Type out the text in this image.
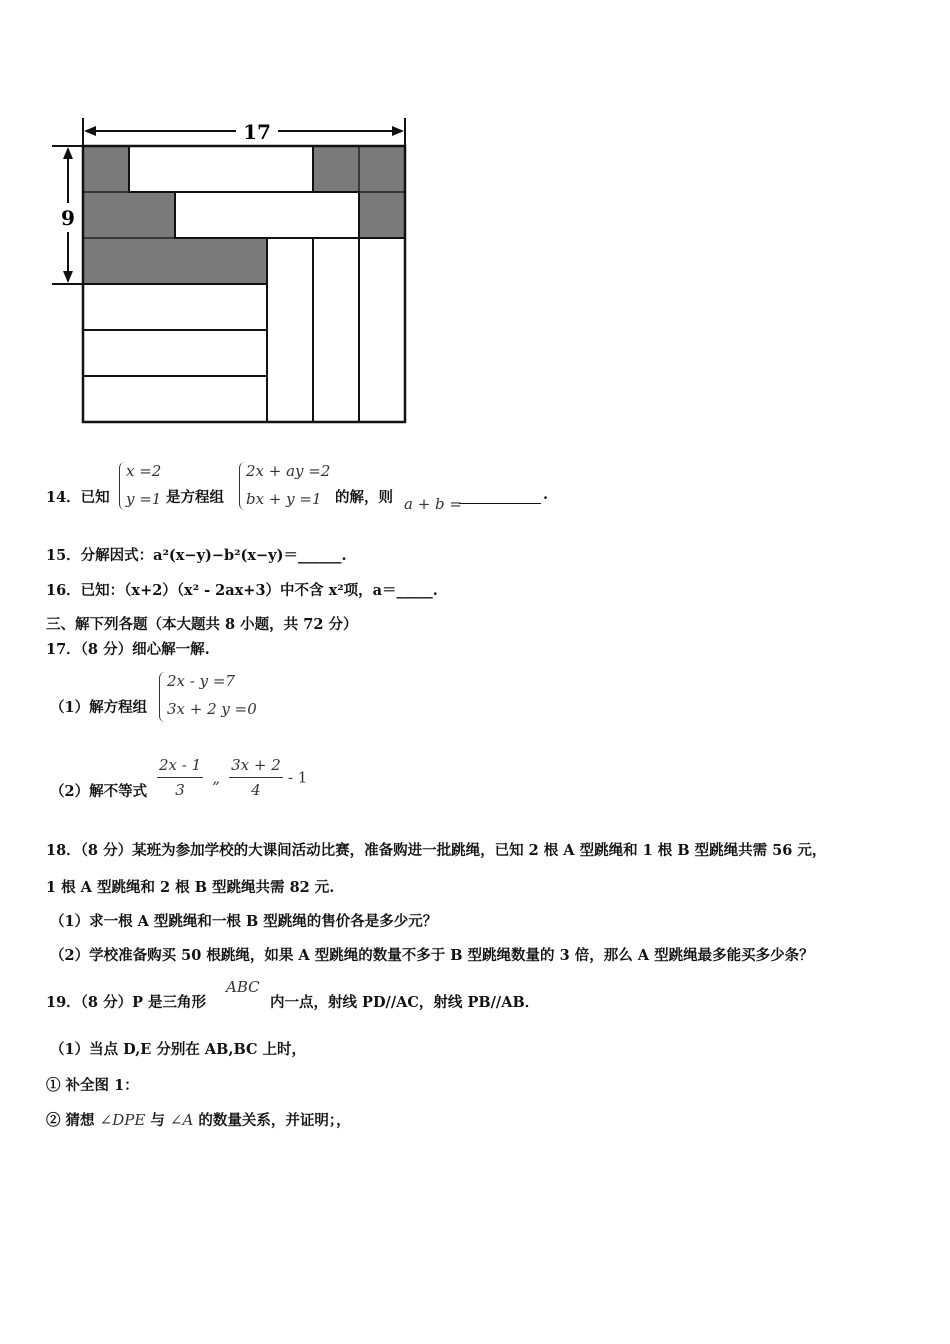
17
9
14．已知
x =2
y =1 是方程组
2x + ay =2
bx + y =1 的解，则 a + b =
.
15．分解因式：a²(x−y)−b²(x−y)＝______.
16．已知：（x+2）（x² - 2ax+3）中不含 x²项，a＝_____.
三、解下列各题（本大题共 8 小题，共 72 分）
17．（8 分）细心解一解.
（1）解方程组
2x - y =7
3x + 2 y =0
（2）解不等式 $\frac{2x - 1}{3}$ „ $\frac{3x + 2}{4} - 1$
18．（8 分）某班为参加学校的大课间活动比赛，准备购进一批跳绳，已知 2 根 A 型跳绳和 1 根 B 型跳绳共需 56 元，
1 根 A 型跳绳和 2 根 B 型跳绳共需 82 元.
（1）求一根 A 型跳绳和一根 B 型跳绳的售价各是多少元？
（2）学校准备购买 50 根跳绳，如果 A 型跳绳的数量不多于 B 型跳绳数量的 3 倍，那么 A 型跳绳最多能买多少条？
19．（8 分）P 是三角形
ABC
内一点，射线 PD//AC，射线 PB//AB．
（1）当点 D,E 分别在 AB,BC 上时，
① 补全图 1：
② 猜想 ∠DPE 与 ∠A 的数量关系，并证明；，
